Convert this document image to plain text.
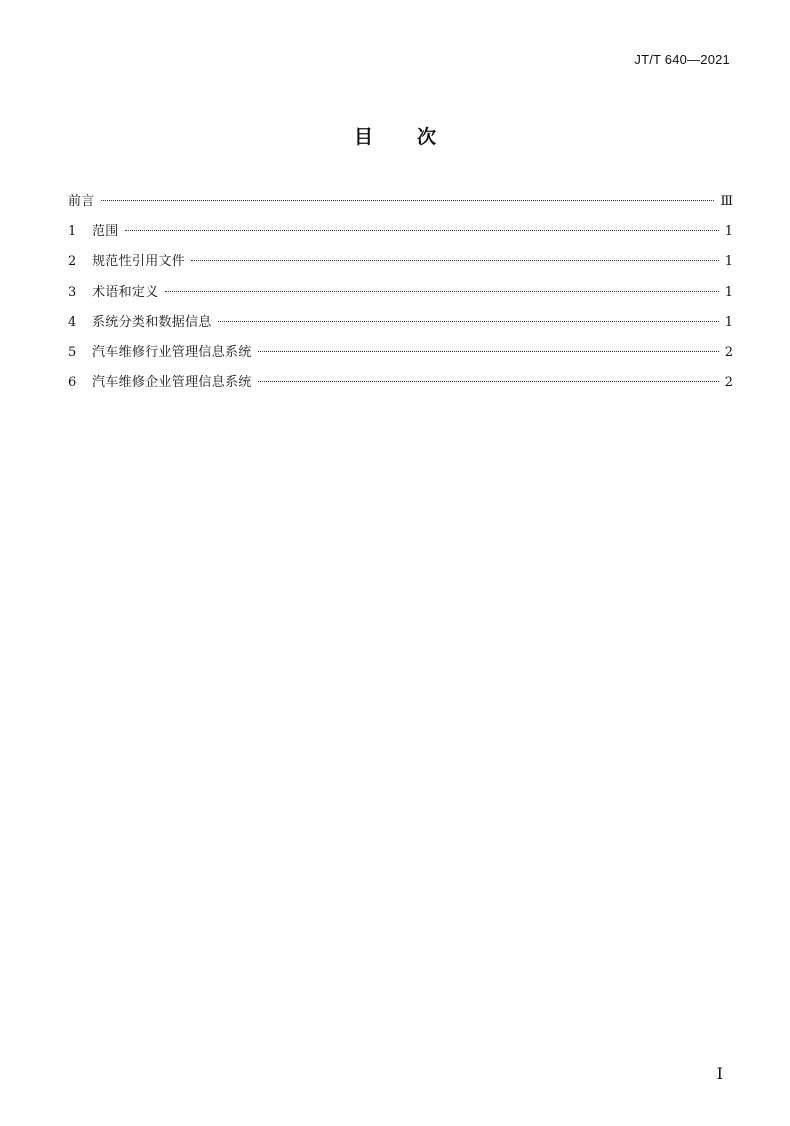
JT/T 640—2021
目 次
前言	Ⅲ
1	范围	1
2	规范性引用文件	1
3	术语和定义	1
4	系统分类和数据信息	1
5	汽车维修行业管理信息系统	2
6	汽车维修企业管理信息系统	2
I
